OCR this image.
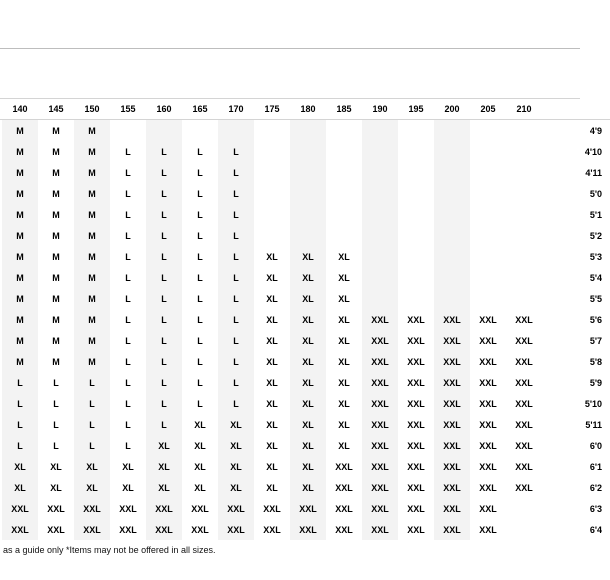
140	145	150	155	160	165	170	175	180	185	190	195	200	205	210
M	M	M	4'9
M	M	M	L	L	L	L	4'10
M	M	M	L	L	L	L	4'11
M	M	M	L	L	L	L	5'0
M	M	M	L	L	L	L	5'1
M	M	M	L	L	L	L	5'2
M	M	M	L	L	L	L	XL	XL	XL	5'3
M	M	M	L	L	L	L	XL	XL	XL	5'4
M	M	M	L	L	L	L	XL	XL	XL	5'5
M	M	M	L	L	L	L	XL	XL	XL	XXL	XXL	XXL	XXL	XXL	5'6
M	M	M	L	L	L	L	XL	XL	XL	XXL	XXL	XXL	XXL	XXL	5'7
M	M	M	L	L	L	L	XL	XL	XL	XXL	XXL	XXL	XXL	XXL	5'8
L	L	L	L	L	L	L	XL	XL	XL	XXL	XXL	XXL	XXL	XXL	5'9
L	L	L	L	L	L	L	XL	XL	XL	XXL	XXL	XXL	XXL	XXL	5'10
L	L	L	L	L	XL	XL	XL	XL	XL	XXL	XXL	XXL	XXL	XXL	5'11
L	L	L	L	XL	XL	XL	XL	XL	XL	XXL	XXL	XXL	XXL	XXL	6'0
XL	XL	XL	XL	XL	XL	XL	XL	XL	XXL	XXL	XXL	XXL	XXL	XXL	6'1
XL	XL	XL	XL	XL	XL	XL	XL	XL	XXL	XXL	XXL	XXL	XXL	XXL	6'2
XXL	XXL	XXL	XXL	XXL	XXL	XXL	XXL	XXL	XXL	XXL	XXL	XXL	XXL	6'3
XXL	XXL	XXL	XXL	XXL	XXL	XXL	XXL	XXL	XXL	XXL	XXL	XXL	XXL	6'4
as a guide only *Items may not be offered in all sizes.
